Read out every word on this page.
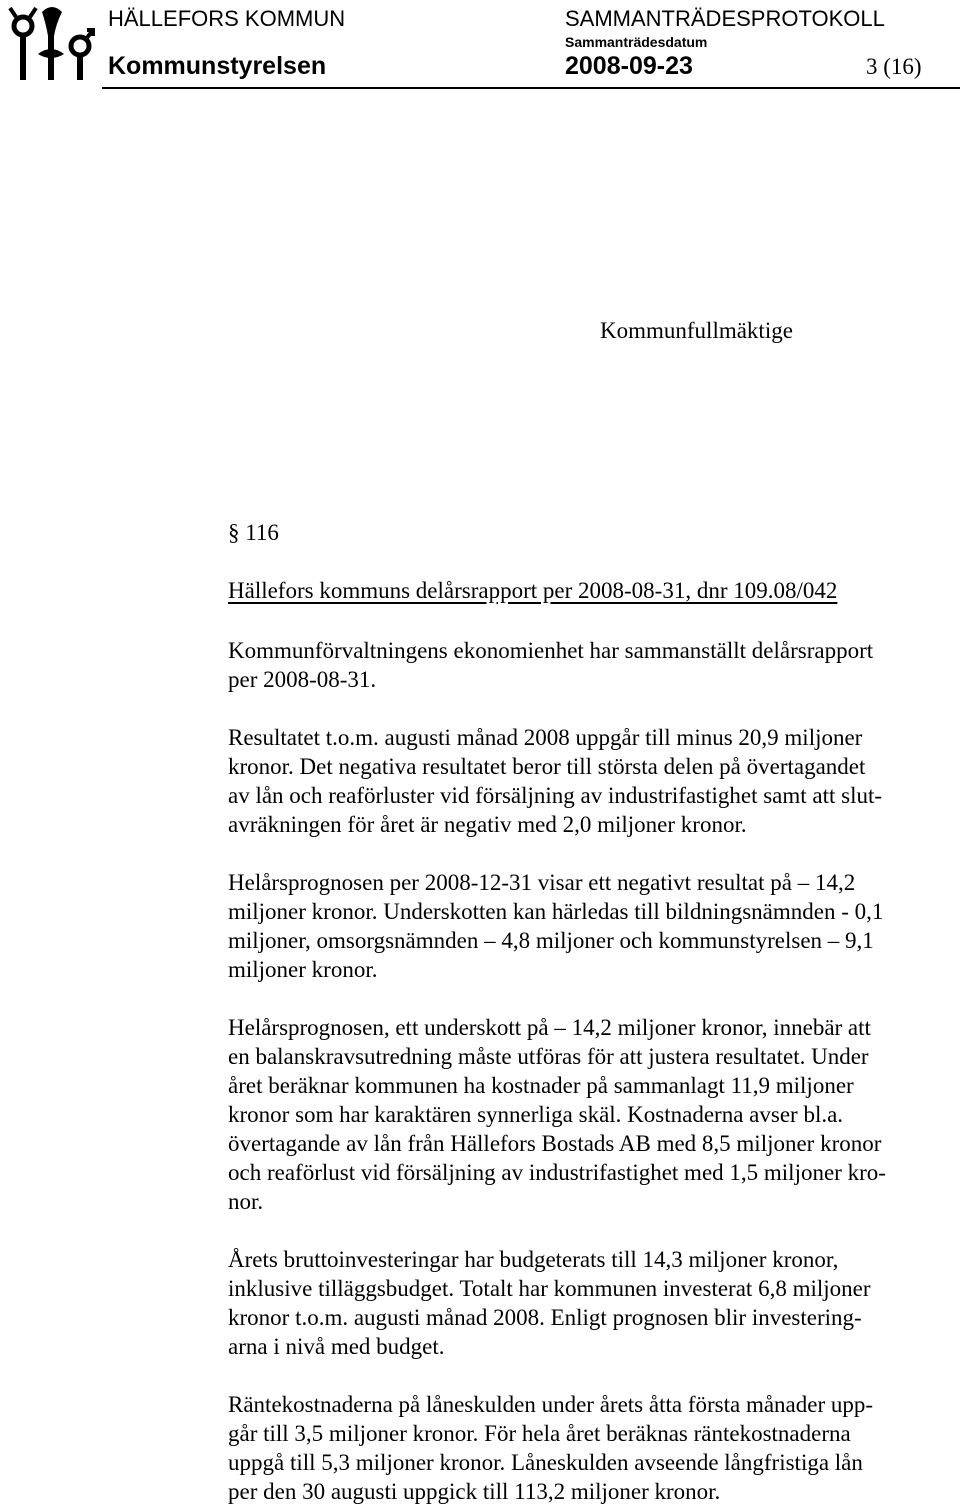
HÄLLEFORS KOMMUN	SAMMANTRÄDESPROTOKOLL
Sammanträdesdatum
Kommunstyrelsen	2008-09-23	3 (16)
Kommunfullmäktige
§ 116
Hällefors kommuns delårsrapport per 2008-08-31, dnr 109.08/042
Kommunförvaltningens ekonomienhet har sammanställt delårsrapport
per 2008-08-31.
Resultatet t.o.m. augusti månad 2008 uppgår till minus 20,9 miljoner
kronor. Det negativa resultatet beror till största delen på övertagandet
av lån och reaförluster vid försäljning av industrifastighet samt att slut-
avräkningen för året är negativ med 2,0 miljoner kronor.
Helårsprognosen per 2008-12-31 visar ett negativt resultat på – 14,2
miljoner kronor. Underskotten kan härledas till bildningsnämnden - 0,1
miljoner, omsorgsnämnden – 4,8 miljoner och kommunstyrelsen – 9,1
miljoner kronor.
Helårsprognosen, ett underskott på – 14,2 miljoner kronor, innebär att
en balanskravsutredning måste utföras för att justera resultatet. Under
året beräknar kommunen ha kostnader på sammanlagt 11,9 miljoner
kronor som har karaktären synnerliga skäl. Kostnaderna avser bl.a.
övertagande av lån från Hällefors Bostads AB med 8,5 miljoner kronor
och reaförlust vid försäljning av industrifastighet med 1,5 miljoner kro-
nor.
Årets bruttoinvesteringar har budgeterats till 14,3 miljoner kronor,
inklusive tilläggsbudget. Totalt har kommunen investerat 6,8 miljoner
kronor t.o.m. augusti månad 2008. Enligt prognosen blir investering-
arna i nivå med budget.
Räntekostnaderna på låneskulden under årets åtta första månader upp-
går till 3,5 miljoner kronor. För hela året beräknas räntekostnaderna
uppgå till 5,3 miljoner kronor. Låneskulden avseende långfristiga lån
per den 30 augusti uppgick till 113,2 miljoner kronor.
